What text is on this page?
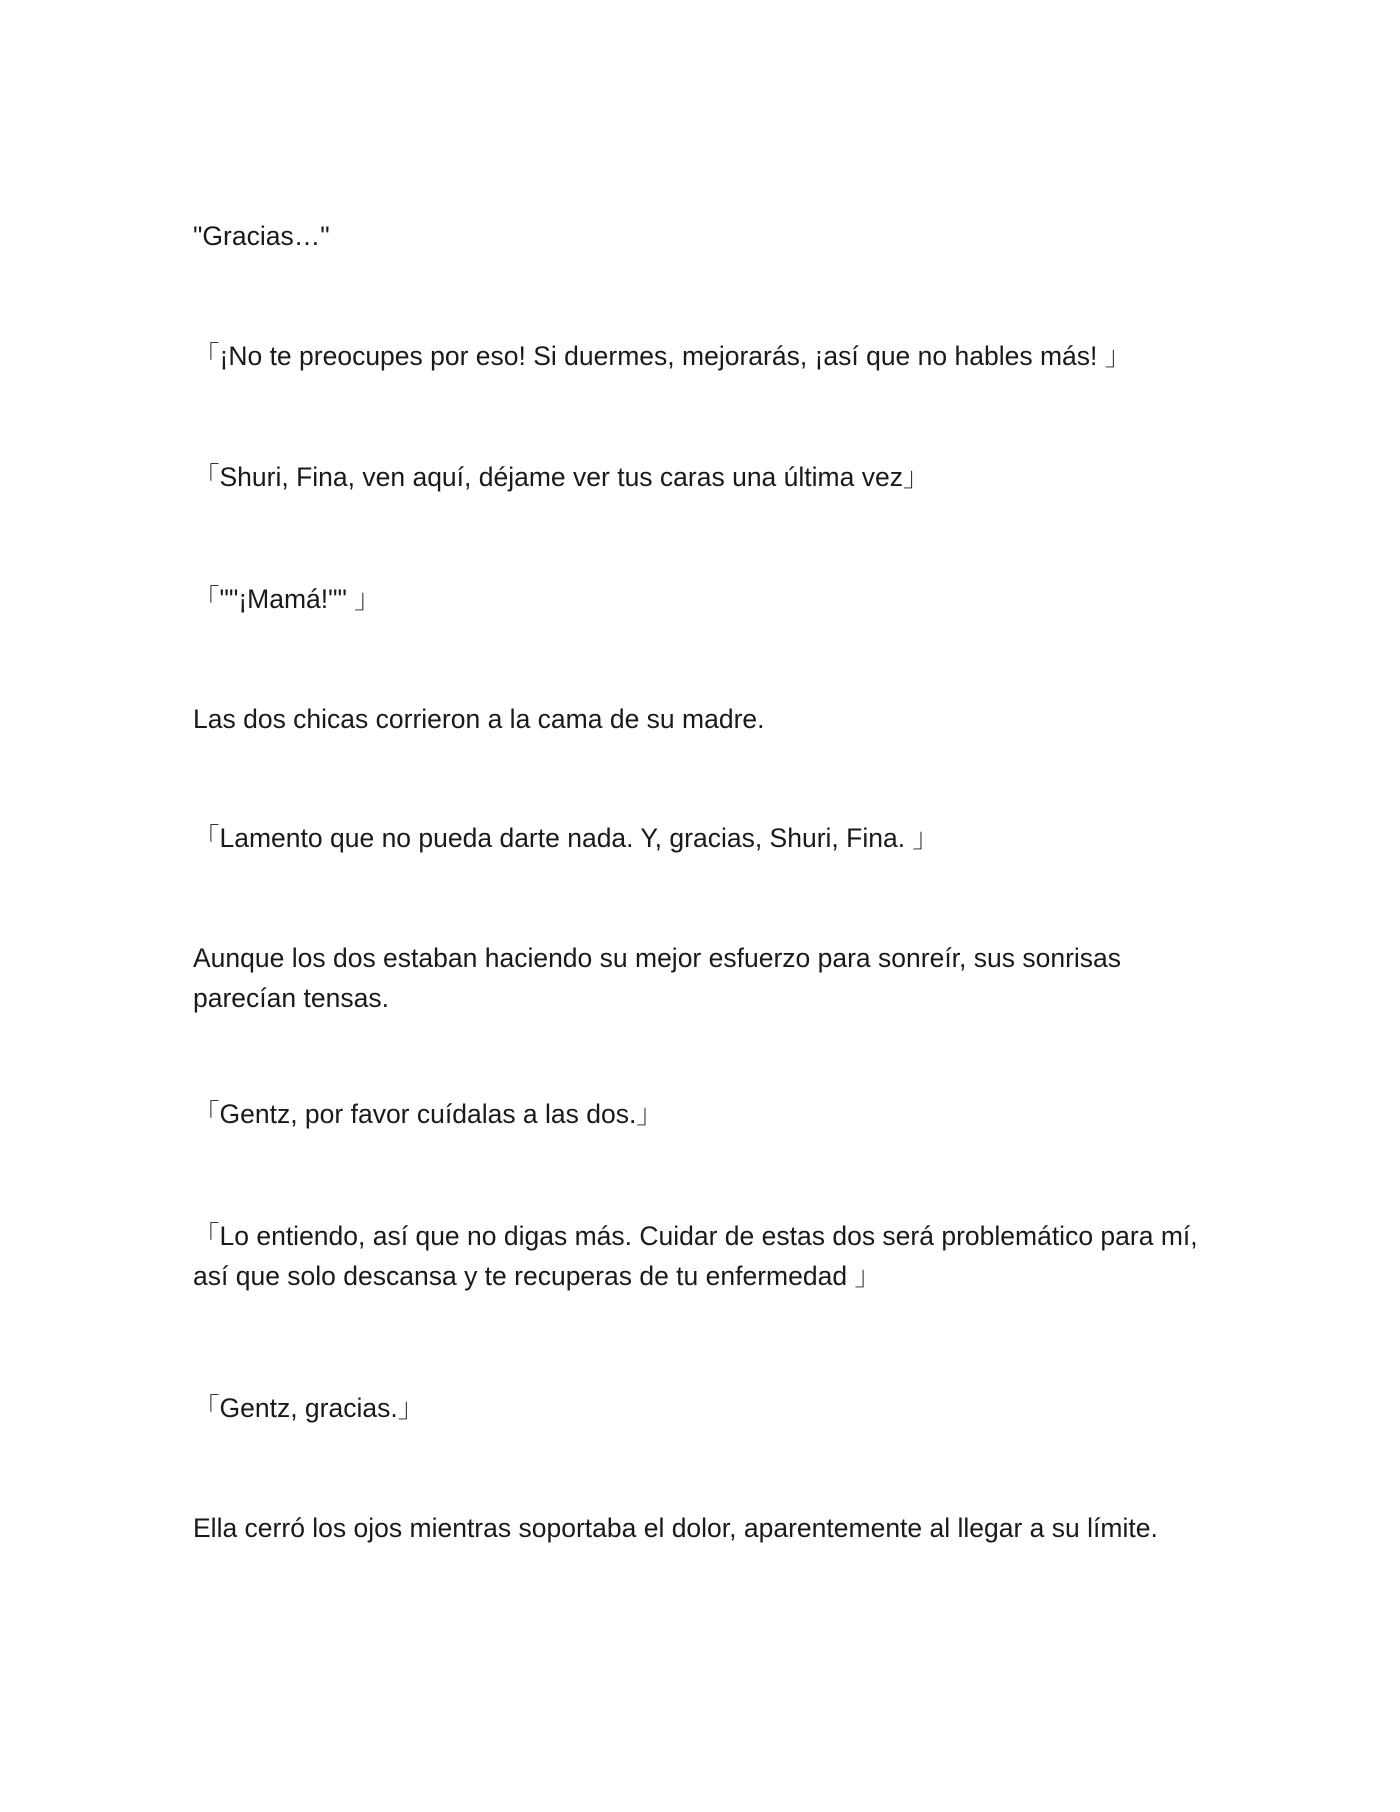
"Gracias…"

「¡No te preocupes por eso! Si duermes, mejorarás, ¡así que no hables más! 」

「Shuri, Fina, ven aquí, déjame ver tus caras una última vez」

「""¡Mamá!"" 」

Las dos chicas corrieron a la cama de su madre.

「Lamento que no pueda darte nada. Y, gracias, Shuri, Fina. 」

Aunque los dos estaban haciendo su mejor esfuerzo para sonreír, sus sonrisas parecían tensas.

「Gentz, por favor cuídalas a las dos.」

「Lo entiendo, así que no digas más. Cuidar de estas dos será problemático para mí, así que solo descansa y te recuperas de tu enfermedad 」

「Gentz, gracias.」

Ella cerró los ojos mientras soportaba el dolor, aparentemente al llegar a su límite.
